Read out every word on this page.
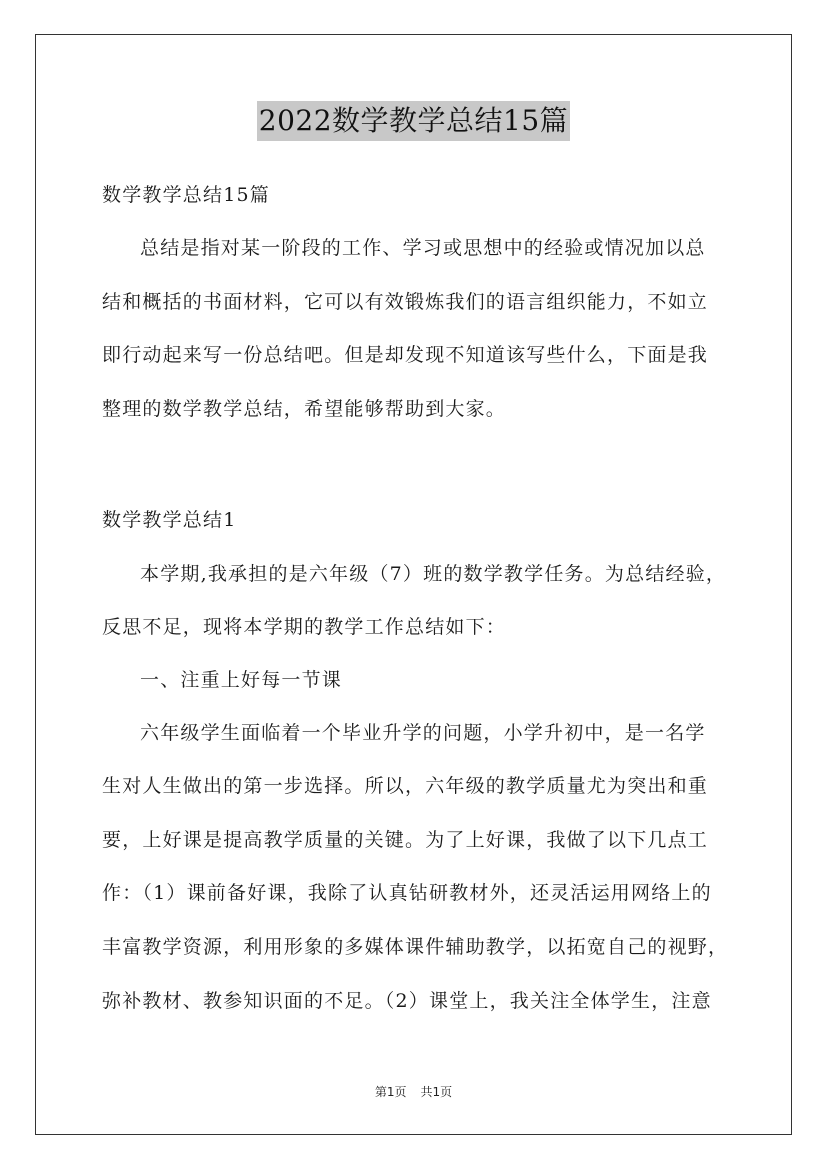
2022数学教学总结15篇
数学教学总结15篇
总结是指对某一阶段的工作、学习或思想中的经验或情况加以总
结和概括的书面材料，它可以有效锻炼我们的语言组织能力，不如立
即行动起来写一份总结吧。但是却发现不知道该写些什么，下面是我
整理的数学教学总结，希望能够帮助到大家。
数学教学总结1
本学期,我承担的是六年级（7）班的数学教学任务。为总结经验，
反思不足，现将本学期的教学工作总结如下：
一、注重上好每一节课
六年级学生面临着一个毕业升学的问题，小学升初中，是一名学
生对人生做出的第一步选择。所以，六年级的教学质量尤为突出和重
要，上好课是提高教学质量的关键。为了上好课，我做了以下几点工
作：（1）课前备好课，我除了认真钻研教材外，还灵活运用网络上的
丰富教学资源，利用形象的多媒体课件辅助教学，以拓宽自己的视野，
弥补教材、教参知识面的不足。（2）课堂上，我关注全体学生，注意
第1页 共1页
